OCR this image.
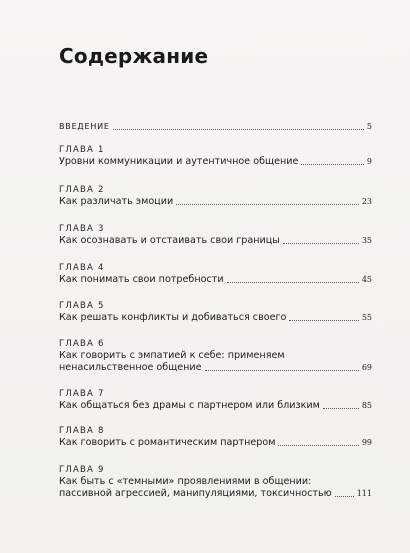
Содержание
ВВЕДЕНИЕ	5
ГЛАВА 1
Уровни коммуникации и аутентичное общение	9
ГЛАВА 2
Как различать эмоции	23
ГЛАВА 3
Как осознавать и отстаивать свои границы	35
ГЛАВА 4
Как понимать свои потребности	45
ГЛАВА 5
Как решать конфликты и добиваться своего	55
ГЛАВА 6
Как говорить с эмпатией к себе: применяем
ненасильственное общение	69
ГЛАВА 7
Как общаться без драмы с партнером или близким	85
ГЛАВА 8
Как говорить с романтическим партнером	99
ГЛАВА 9
Как быть с «темными» проявлениями в общении:
пассивной агрессией, манипуляциями, токсичностью	111
